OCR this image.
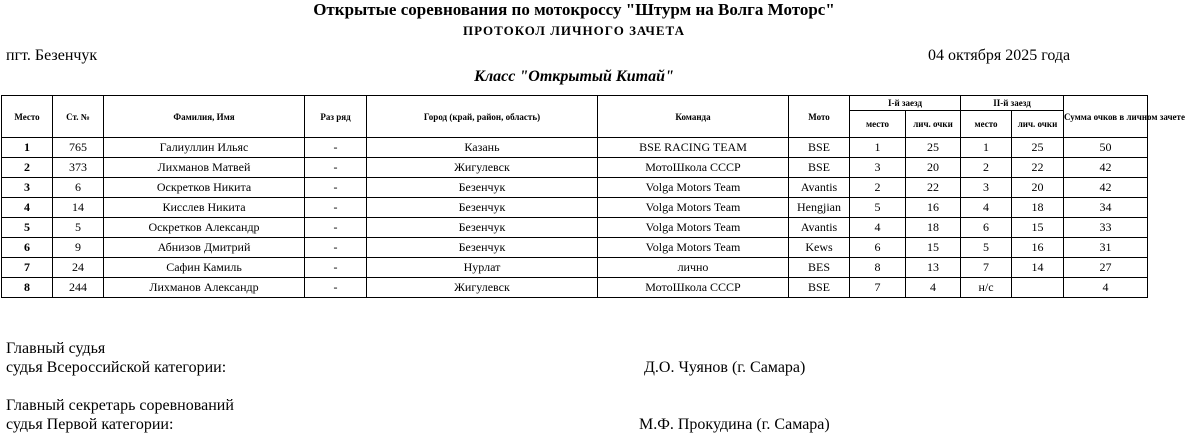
Открытые соревнования по мотокроссу "Штурм на Волга Моторс"
ПРОТОКОЛ ЛИЧНОГО ЗАЧЕТА
пгт. Безенчук	04 октября 2025 года
Класс "Открытый Китай"
Место	Ст. №	Фамилия, Имя	Раз ряд	Город (край, район, область)	Команда	Мото	I-й заезд		II-й заезд		Сумма очков в личном зачете
							место	лич. очки	место	лич. очки	
1	765	Галиуллин Ильяс	-	Казань	BSE RACING TEAM	BSE	1	25	1	25	50
2	373	Лихманов Матвей	-	Жигулевск	МотоШкола СССР	BSE	3	20	2	22	42
3	6	Оскретков Никита	-	Безенчук	Volga Motors Team	Avantis	2	22	3	20	42
4	14	Кисслев Никита	-	Безенчук	Volga Motors Team	Hengjian	5	16	4	18	34
5	5	Оскретков Александр	-	Безенчук	Volga Motors Team	Avantis	4	18	6	15	33
6	9	Абнизов Дмитрий	-	Безенчук	Volga Motors Team	Kews	6	15	5	16	31
7	24	Сафин Камиль	-	Нурлат	лично	BES	8	13	7	14	27
8	244	Лихманов Александр	-	Жигулевск	МотоШкола СССР	BSE	7	4	н/с		4
Главный судья
судья Всероссийской категории:	Д.О. Чуянов (г. Самара)
Главный секретарь соревнований
судья Первой категории:	М.Ф. Прокудина (г. Самара)
